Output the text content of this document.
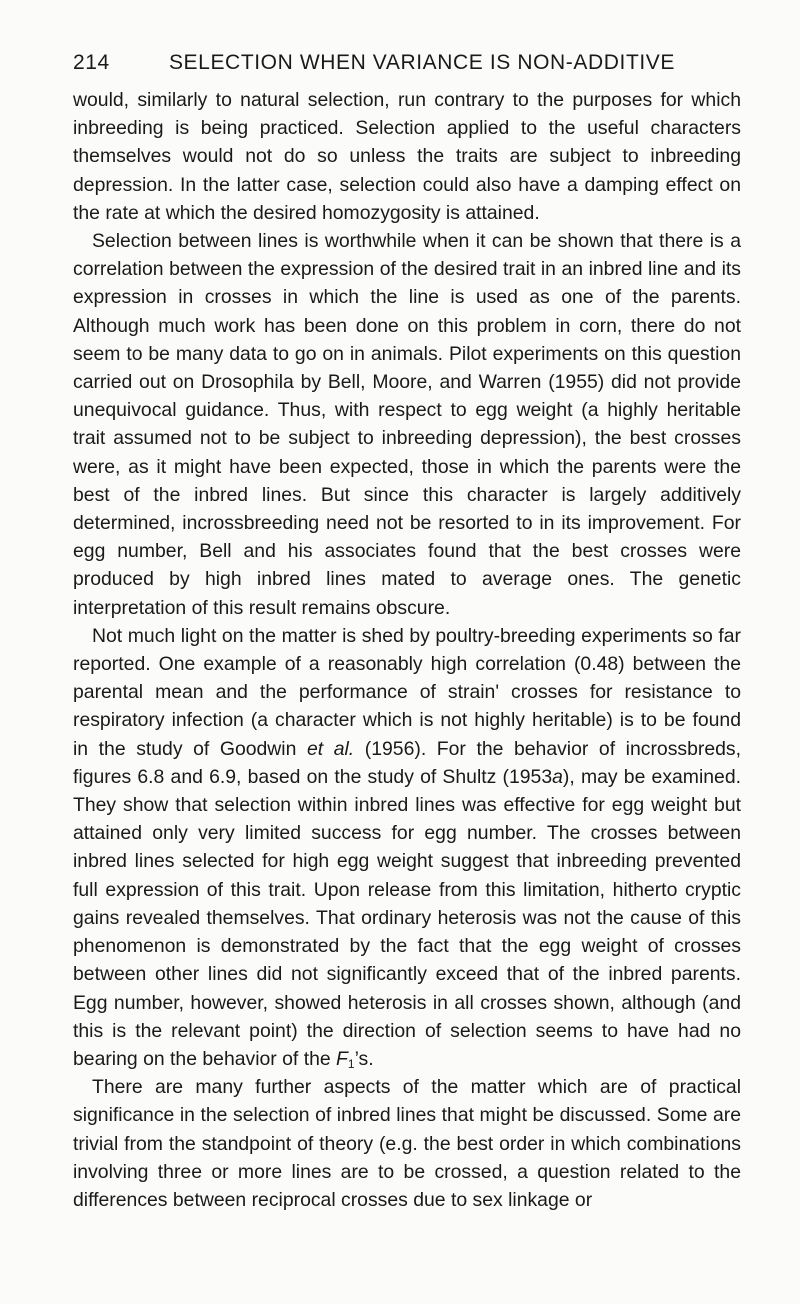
214	SELECTION WHEN VARIANCE IS NON-ADDITIVE

would, similarly to natural selection, run contrary to the purposes for which inbreeding is being practiced. Selection applied to the useful characters themselves would not do so unless the traits are subject to inbreeding depression. In the latter case, selection could also have a damping effect on the rate at which the desired homozygosity is attained.

Selection between lines is worthwhile when it can be shown that there is a correlation between the expression of the desired trait in an inbred line and its expression in crosses in which the line is used as one of the parents. Although much work has been done on this problem in corn, there do not seem to be many data to go on in animals. Pilot experiments on this question carried out on Drosophila by Bell, Moore, and Warren (1955) did not provide unequivocal guidance. Thus, with respect to egg weight (a highly heritable trait assumed not to be subject to inbreeding depression), the best crosses were, as it might have been expected, those in which the parents were the best of the inbred lines. But since this character is largely additively determined, incrossbreeding need not be resorted to in its improvement. For egg number, Bell and his associates found that the best crosses were produced by high inbred lines mated to average ones. The genetic interpretation of this result remains obscure.

Not much light on the matter is shed by poultry-breeding experiments so far reported. One example of a reasonably high correlation (0.48) between the parental mean and the performance of strain' crosses for resistance to respiratory infection (a character which is not highly heritable) is to be found in the study of Goodwin et al. (1956). For the behavior of incrossbreds, figures 6.8 and 6.9, based on the study of Shultz (1953a), may be examined. They show that selection within inbred lines was effective for egg weight but attained only very limited success for egg number. The crosses between inbred lines selected for high egg weight suggest that inbreeding prevented full expression of this trait. Upon release from this limitation, hitherto cryptic gains revealed themselves. That ordinary heterosis was not the cause of this phenomenon is demonstrated by the fact that the egg weight of crosses between other lines did not significantly exceed that of the inbred parents. Egg number, however, showed heterosis in all crosses shown, although (and this is the relevant point) the direction of selection seems to have had no bearing on the behavior of the $F_1’s$.

There are many further aspects of the matter which are of practical significance in the selection of inbred lines that might be discussed. Some are trivial from the standpoint of theory (e.g. the best order in which combinations involving three or more lines are to be crossed, a question related to the differences between reciprocal crosses due to sex linkage or
